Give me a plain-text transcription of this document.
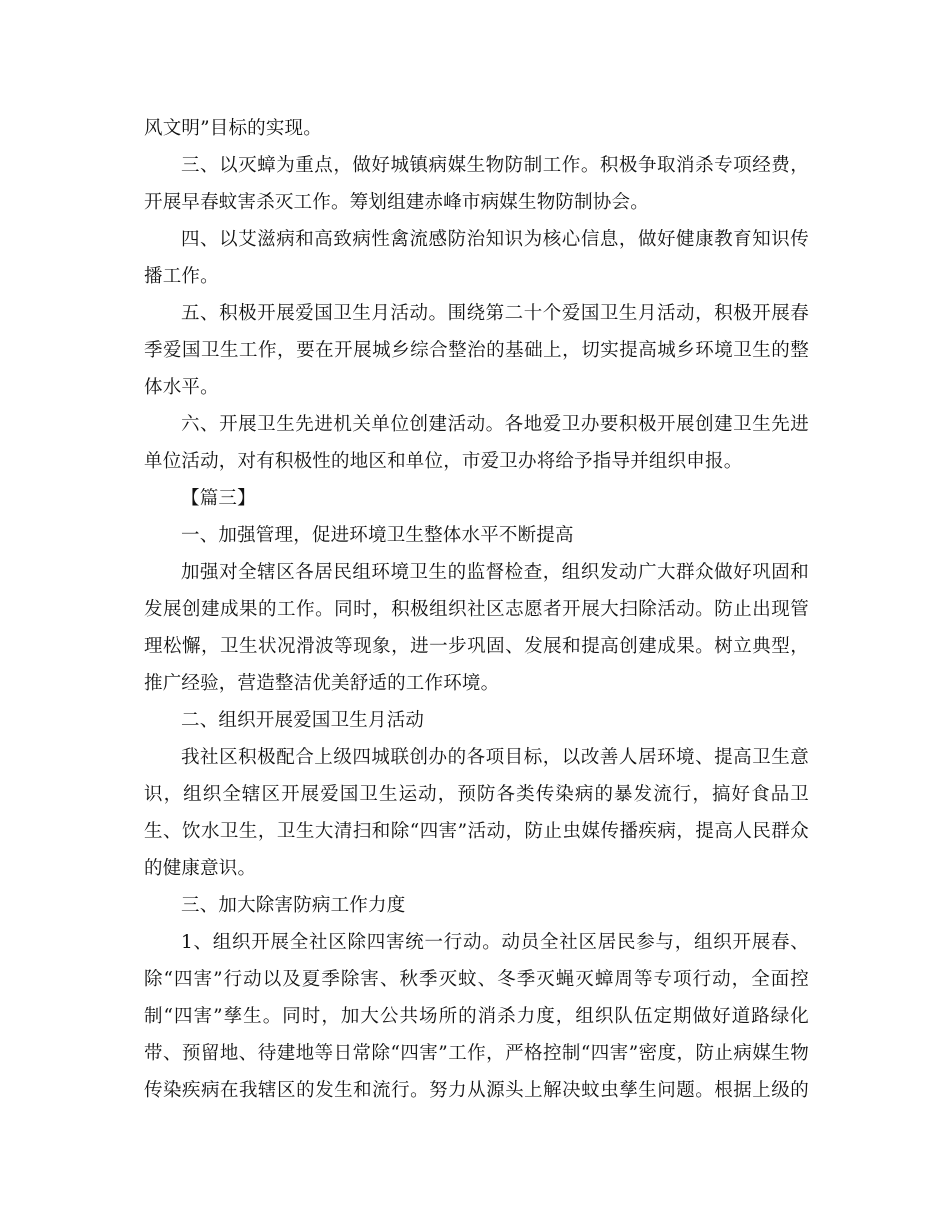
风文明”目标的实现。
三、以灭蟑为重点，做好城镇病媒生物防制工作。积极争取消杀专项经费，
开展早春蚊害杀灭工作。筹划组建赤峰市病媒生物防制协会。
四、以艾滋病和高致病性禽流感防治知识为核心信息，做好健康教育知识传
播工作。
五、积极开展爱国卫生月活动。围绕第二十个爱国卫生月活动，积极开展春
季爱国卫生工作，要在开展城乡综合整治的基础上，切实提高城乡环境卫生的整
体水平。
六、开展卫生先进机关单位创建活动。各地爱卫办要积极开展创建卫生先进
单位活动，对有积极性的地区和单位，市爱卫办将给予指导并组织申报。
【篇三】
一、加强管理，促进环境卫生整体水平不断提高
加强对全辖区各居民组环境卫生的监督检查，组织发动广大群众做好巩固和
发展创建成果的工作。同时，积极组织社区志愿者开展大扫除活动。防止出现管
理松懈，卫生状况滑波等现象，进一步巩固、发展和提高创建成果。树立典型，
推广经验，营造整洁优美舒适的工作环境。
二、组织开展爱国卫生月活动
我社区积极配合上级四城联创办的各项目标，以改善人居环境、提高卫生意
识，组织全辖区开展爱国卫生运动，预防各类传染病的暴发流行，搞好食品卫
生、饮水卫生，卫生大清扫和除“四害”活动，防止虫媒传播疾病，提高人民群众
的健康意识。
三、加大除害防病工作力度
1、组织开展全社区除四害统一行动。动员全社区居民参与，组织开展春、
除“四害”行动以及夏季除害、秋季灭蚊、冬季灭蝇灭蟑周等专项行动，全面控
制“四害”孳生。同时，加大公共场所的消杀力度，组织队伍定期做好道路绿化
带、预留地、待建地等日常除“四害”工作，严格控制“四害”密度，防止病媒生物
传染疾病在我辖区的发生和流行。努力从源头上解决蚊虫孳生问题。根据上级的
